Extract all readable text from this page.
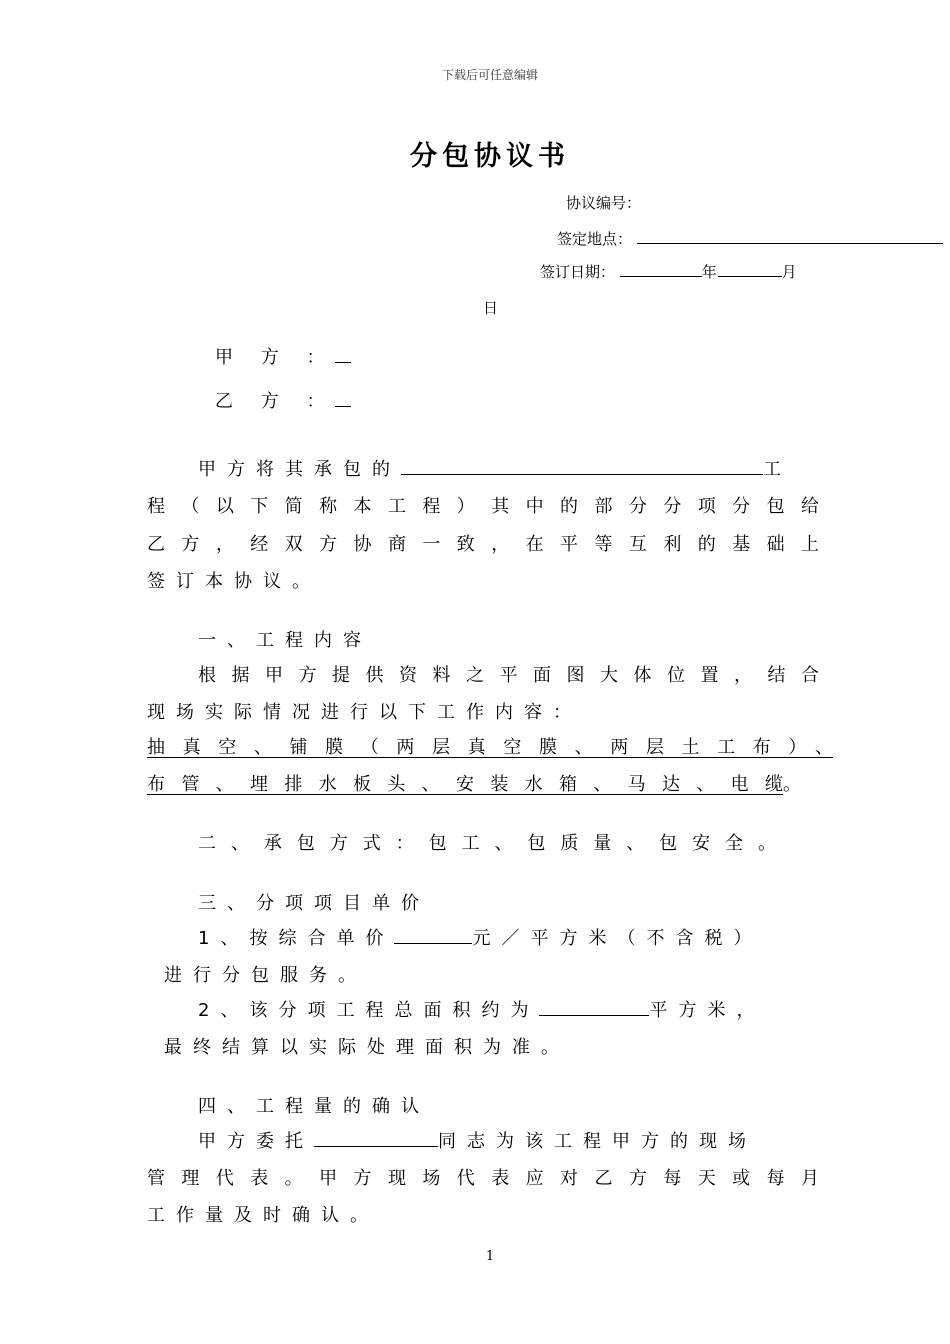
下载后可任意编辑
分包协议书
协议编号：
签定地点：
签订日期：	年	月
日
甲 方 ：
乙 方 ：
甲方将其承包的	工
程（以下简称本工程）其中的部分分项分包给
乙方，经双方协商一致，在平等互利的基础上
签订本协议。
一、工程内容
根据甲方提供资料之平面图大体位置，结合
现场实际情况进行以下工作内容：
抽真空、铺膜（两层真空膜、两层土工布）、
布管、埋排水板头、安装水箱、马达、电缆。
二、承包方式：包工、包质量、包安全。
三、分项项目单价
1、按综合单价	元／平方米（不含税）
进行分包服务。
2、该分项工程总面积约为	平方米，
最终结算以实际处理面积为准。
四、工程量的确认
甲方委托	同志为该工程甲方的现场
管理代表。甲方现场代表应对乙方每天或每月
工作量及时确认。
1
